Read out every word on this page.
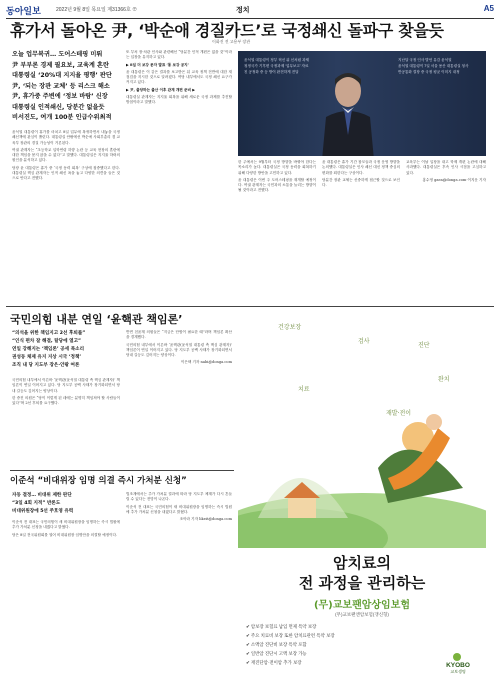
동아일보	2022년 9월 8일 목요일 제31366호 ⊕	정치	A5
휴가서 돌아온 尹, ‘박순애 경질카드’로 국정쇄신 돌파구 찾을듯
이화진 전 고용부 장관
오늘 업무복귀… 도어스테핑 미뤄
尹 부부론 경제 필요보, 교육계 혼란
대통령실 ‘20%대 지지율 평행’ 판단
尹, ‘되는 장관 교체’ 등 리스크 해소
尹, 휴가중 주변에 ‘정보 바람’ 신장
대통령실 인적쇄신, 당분간 없을듯
비서진도, 여개 100분 인급수위최적
윤석열 대통령이 정부 혁신 위 신처럼 과제
청정국가 기후변 국정과제 ‘업무보고’ 자료
친 공정화 중 등 방이 완전하게 전달
지난달 국정 인사 발언 유감 윤석열
윤석열 대통령이 7일 서울 용산 대통령실 청사
반공통화 결장 중 국정 평균 이미지 내정

윤석열 대통령이 휴가를 마치고 8일 업무에 복귀하면서 내놓을 국정 쇄신책에 관심이 쏠린다. 대통령실 안팎에선 박순애 사회부총리 겸 교육부 장관의 경질 가능성이 거론된다.

여권 관계자는 “초등학교 입학연령 하향 논란 등 교육 현장의 혼란에 대한 책임을 묻지 않을 수 없다”고 말했다. 대통령실은 지지율 하락의 원인을 분석하고 있다.

당장 윤 대통령은 휴가 중 ‘국정 동력 회복’ 구상에 집중했다고 한다. 대통령실 핵심 관계자는 인적 쇄신 폭을 놓고 다양한 의견을 들은 것으로 안다고 전했다.

또 부처 장·차관 인사와 관련해선 “당분간 인적 개편은 없을 것”이라는 입장을 유지하고 있다.

▶ 8일 더 보강 문자 발표 ‘통 보강 공지’

윤 대통령은 이 같은 결과를 보고받은 뒤 교육 정책 전반에 대한 재점검을 지시한 것으로 알려졌다. 여당 내부에서도 국정 쇄신 요구가 커지고 있다.

▶ 尹, 출당하는 출산 이후 관계 개편 준비 ▶

대통령실 관계자는 지지율 회복을 위해 새로운 국정 과제를 추진할 방침이라고 말했다.

한 주에서는 9월부터 국정 방향을 바꿔야 한다는 목소리가 높다. 대통령실은 국정 동력을 회복하기 위해 다양한 방안을 고민하고 있다.

윤 대통령은 이번 주 도어스테핑을 재개할 예정이다. 여권 관계자는 국민과의 소통을 늘리는 방향이 될 것이라고 전했다.

윤 대통령은 휴가 기간 참모들과 국정 운영 방향을 논의했다. 대통령실은 인사 쇄신 대신 정책 중심의 변화를 꾀한다는 구상이다.

당분간 장관 교체는 신중하게 접근할 것으로 보인다.

교육부는 이날 입장을 내고 학제 개편 논란에 대해 사과했다. 대통령실은 후속 인사 시점을 고심하고 있다.

홍수영 gaea@donga.com·이지운 기자

국민의힘 내분 연일 ‘윤핵관 책임론’
“의석을 위한 책임지고 2선 후퇴를”
“인식 편차 잘 해결, 탈당에 열고”
연일 강해지는 ‘책임론’ 공세 목소리
권성동 체제 유지 지상 시국 ‘정책’
조직 내 당 지도부 장은·안팎 여론

국민의힘 내부에서 이른바 ‘윤핵관(윤석열 대통령 측 핵심 관계자)’ 책임론이 연일 이어지고 있다. 당 지도부 공백 사태가 장기화되면서 당내 갈등도 깊어지는 양상이다.

한 중진 의원은 “당이 이렇게 된 데에는 분명히 책임져야 할 사람들이 있다”며 2선 후퇴를 요구했다.

반면 친윤계 의원들은 “지금은 단합이 필요한 때”라며 책임론 확산을 경계했다.

국민의힘 내부에서 이른바 ‘윤핵관(윤석열 대통령 측 핵심 관계자)’ 책임론이 연일 이어지고 있다. 당 지도부 공백 사태가 장기화되면서 당내 갈등도 깊어지는 양상이다.

이은택 기자 nabi@donga.com

이준석 “비대위장 임명 의결 즉시 가처분 신청”
자동 결정… 비대위 제한 판단
“3일 4회 지적” 반론도
비대위원장에 5선 주호영 유력

이준석 전 대표는 국민의힘이 새 비대위원장을 임명하는 즉시 법원에 추가 가처분 신청을 내겠다고 밝혔다.

당은 8일 전국위원회를 열어 비대위원장 임명안을 의결할 예정이다.

법조계에서는 추가 가처분 결과에 따라 당 지도부 체계가 다시 흔들릴 수 있다는 전망이 나온다.

이준석 전 대표는 국민의힘이 새 비대위원장을 임명하는 즉시 법원에 추가 가처분 신청을 내겠다고 밝혔다.

조아라 기자 likeit@donga.com

건강보장
검사
진단
치료
완치
재발·전이
암치료의
전 과정을 관리하는
(무)교보팬암상임보험
(무)교보팬앤암보험(갱신형)
✔ 암보장 보험료 납입 면제 특약 보장
✔ 주요 치료비 보장 또한 암치료관련 특약 보장
✔ 소액암 진단비 보장 특약 포함
✔ 일반암 진단시 고액 보장 가능
✔ 재진단암·전이암 추가 보장	KYOBO
교보생명
